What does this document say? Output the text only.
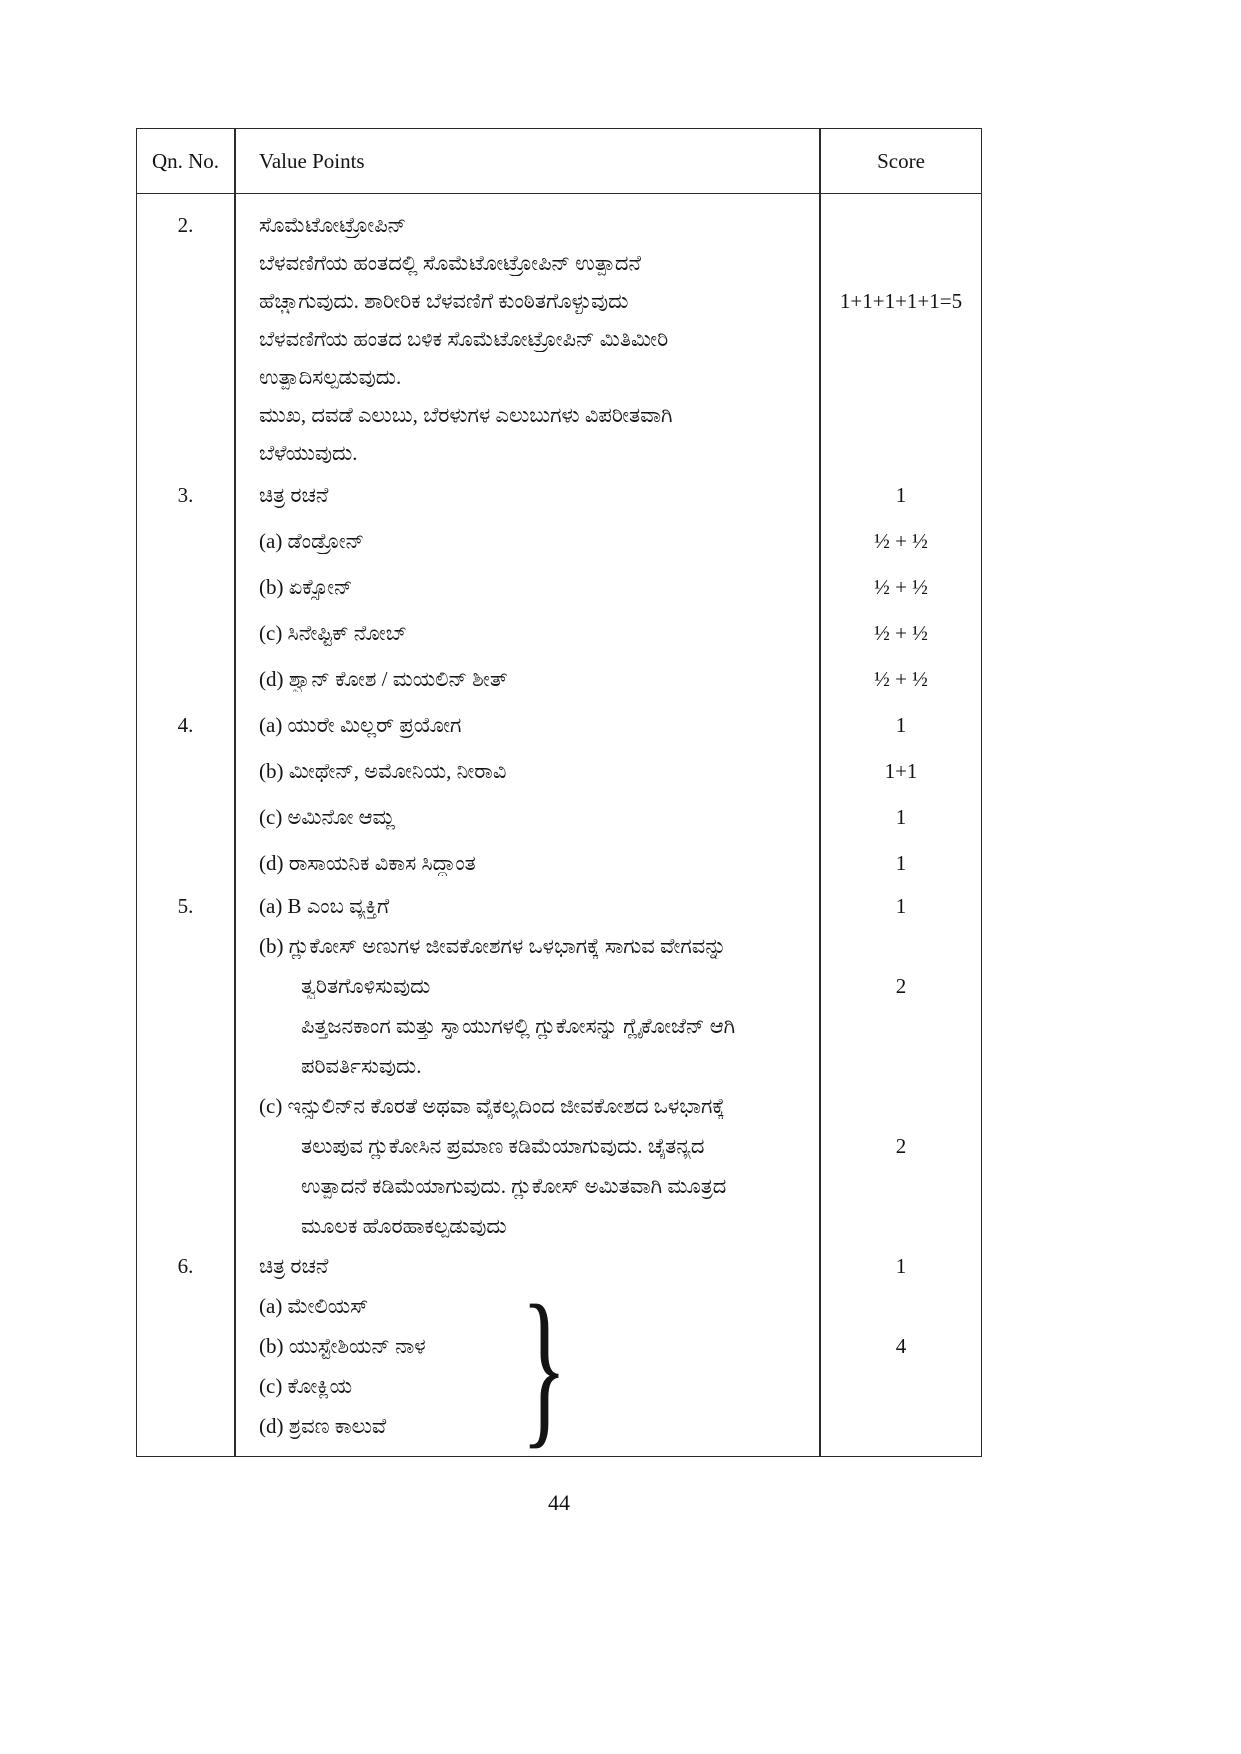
Qn. No.	Value Points	Score
2.	ಸೊಮೆಟೋಟ್ರೋಪಿನ್
ಬೆಳವಣಿಗೆಯ ಹಂತದಲ್ಲಿ ಸೊಮೆಟೋಟ್ರೋಪಿನ್ ಉತ್ಪಾದನೆ
ಹೆಚ್ಚಾಗುವುದು. ಶಾರೀರಿಕ ಬೆಳವಣಿಗೆ ಕುಂಠಿತಗೊಳ್ಳುವುದು	1+1+1+1+1=5
ಬೆಳವಣಿಗೆಯ ಹಂತದ ಬಳಿಕ ಸೊಮೆಟೋಟ್ರೋಪಿನ್ ಮಿತಿಮೀರಿ
ಉತ್ಪಾದಿಸಲ್ಪಡುವುದು.
ಮುಖ, ದವಡೆ ಎಲುಬು, ಬೆರಳುಗಳ ಎಲುಬುಗಳು ವಿಪರೀತವಾಗಿ
ಬೆಳೆಯುವುದು.
3.	ಚಿತ್ರ ರಚನೆ	1
(a) ಡೆಂಡ್ರೋನ್	½ + ½
(b) ಏಕ್ಸೋನ್	½ + ½
(c) ಸಿನೇಪ್ಟಿಕ್ ನೋಬ್	½ + ½
(d) ಶ್ವಾನ್ ಕೋಶ / ಮಯಲಿನ್ ಶೀತ್	½ + ½
4.	(a) ಯುರೇ ಮಿಲ್ಲರ್ ಪ್ರಯೋಗ	1
(b) ಮೀಥೇನ್, ಅಮೋನಿಯ, ನೀರಾವಿ	1+1
(c) ಅಮಿನೋ ಆಮ್ಲ	1
(d) ರಾಸಾಯನಿಕ ವಿಕಾಸ ಸಿದ್ಧಾಂತ	1
5.	(a) B ಎಂಬ ವ್ಯಕ್ತಿಗೆ	1
(b) ಗ್ಲುಕೋಸ್ ಅಣುಗಳ ಜೀವಕೋಶಗಳ ಒಳಭಾಗಕ್ಕೆ ಸಾಗುವ ವೇಗವನ್ನು
ತ್ವರಿತಗೊಳಿಸುವುದು	2
ಪಿತ್ತಜನಕಾಂಗ ಮತ್ತು ಸ್ನಾಯುಗಳಲ್ಲಿ ಗ್ಲುಕೋಸನ್ನು ಗ್ಲೈಕೋಜೆನ್ ಆಗಿ
ಪರಿವರ್ತಿಸುವುದು.
(c) ಇನ್ಸುಲಿನ್‌ನ ಕೊರತೆ ಅಥವಾ ವೈಕಲ್ಯದಿಂದ ಜೀವಕೋಶದ ಒಳಭಾಗಕ್ಕೆ
ತಲುಪುವ ಗ್ಲುಕೋಸಿನ ಪ್ರಮಾಣ ಕಡಿಮೆಯಾಗುವುದು. ಚೈತನ್ಯದ	2
ಉತ್ಪಾದನೆ ಕಡಿಮೆಯಾಗುವುದು. ಗ್ಲುಕೋಸ್ ಅಮಿತವಾಗಿ ಮೂತ್ರದ
ಮೂಲಕ ಹೊರಹಾಕಲ್ಪಡುವುದು
6.	ಚಿತ್ರ ರಚನೆ	1
(a) ಮೇಲಿಯಸ್
(b) ಯುಸ್ಟೇಶಿಯನ್ ನಾಳ	4
(c) ಕೋಕ್ಲಿಯ
(d) ಶ್ರವಣ ಕಾಲುವೆ }
44
